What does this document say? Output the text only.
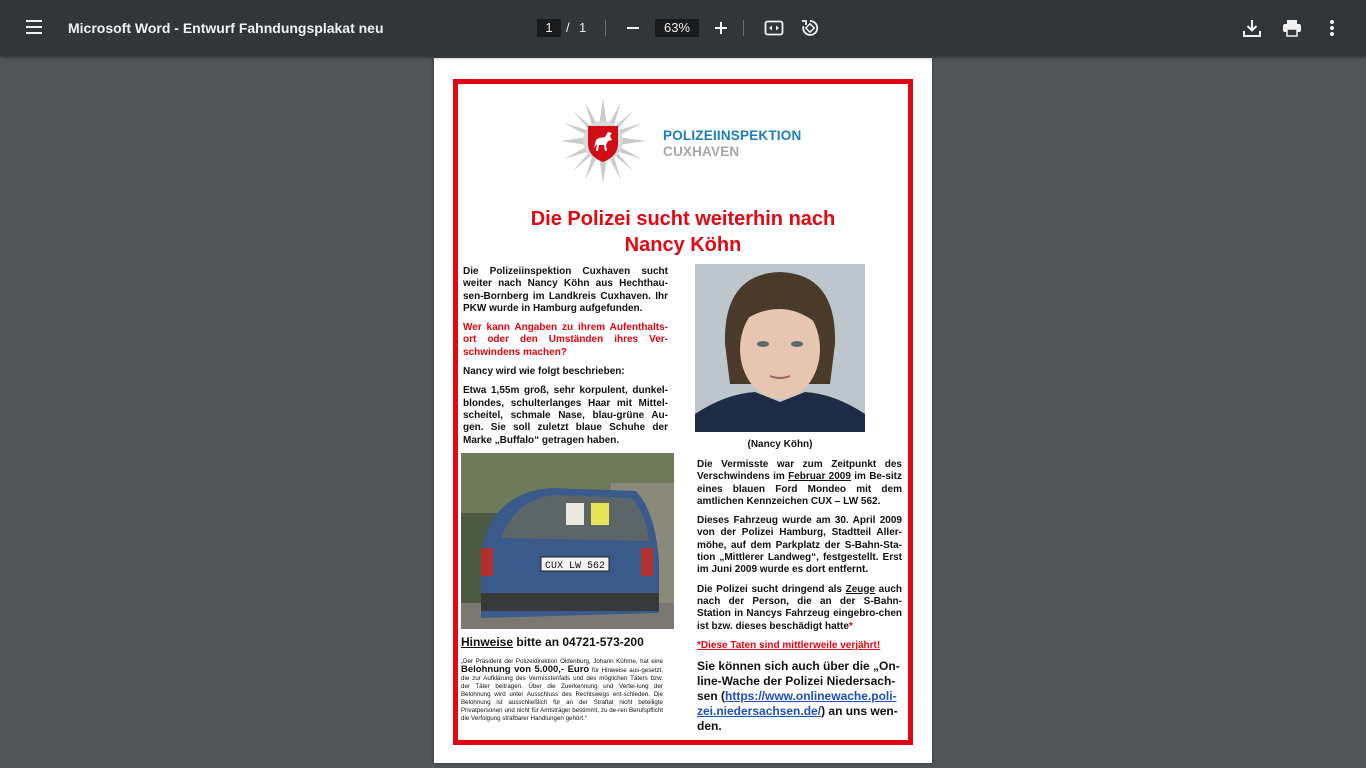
Microsoft Word - Entwurf Fahndungsplakat neu	1	/ 1	63%
POLIZEIINSPEKTION
CUXHAVEN
Die Polizei sucht weiterhin nach
Nancy Köhn

Die Polizeiinspektion Cuxhaven sucht weiter nach Nancy Köhn aus Hechthau-sen-Bornberg im Landkreis Cuxhaven. Ihr PKW wurde in Hamburg aufgefunden.

Wer kann Angaben zu ihrem Aufenthalts-ort oder den Umständen ihres Ver-schwindens machen?

Nancy wird wie folgt beschrieben:

Etwa 1,55m groß, sehr korpulent, dunkel-blondes, schulterlanges Haar mit Mittel-scheitel, schmale Nase, blau-grüne Au-gen. Sie soll zuletzt blaue Schuhe der Marke „Buffalo“ getragen haben.

CUX LW 562
Hinweise bitte an 04721-573-200
„Der Präsident der Polizeidirektion Oldenburg, Johann Kühme, hat eine Belohnung von 5.000,- Euro für Hinweise aus-gesetzt, die zur Aufklärung des Vermisstenfalls und des möglichen Täters bzw. der Täter beitragen. Über die Zuerkennung und Vertei-lung der Belohnung wird unter Ausschluss des Rechtswegs ent-schieden. Die Belohnung ist ausschließlich für an der Straftat nicht beteiligte Privatpersonen und nicht für Amtsträger bestimmt, zu de-ren Berufspflicht die Verfolgung strafbarer Handlungen gehört.“
(Nancy Köhn)

Die Vermisste war zum Zeitpunkt des Verschwindens im Februar 2009 im Be-sitz eines blauen Ford Mondeo mit dem amtlichen Kennzeichen CUX – LW 562.

Dieses Fahrzeug wurde am 30. April 2009 von der Polizei Hamburg, Stadtteil Aller-möhe, auf dem Parkplatz der S-Bahn-Sta-tion „Mittlerer Landweg“, festgestellt. Erst im Juni 2009 wurde es dort entfernt.

Die Polizei sucht dringend als Zeuge auch nach der Person, die an der S-Bahn-Station in Nancys Fahrzeug eingebro-chen ist bzw. dieses beschädigt hatte*

*Diese Taten sind mittlerweile verjährt!

Sie können sich auch über die „On-line-Wache der Polizei Niedersach-sen (https://www.onlinewache.poli-zei.niedersachsen.de/) an uns wen-den.
